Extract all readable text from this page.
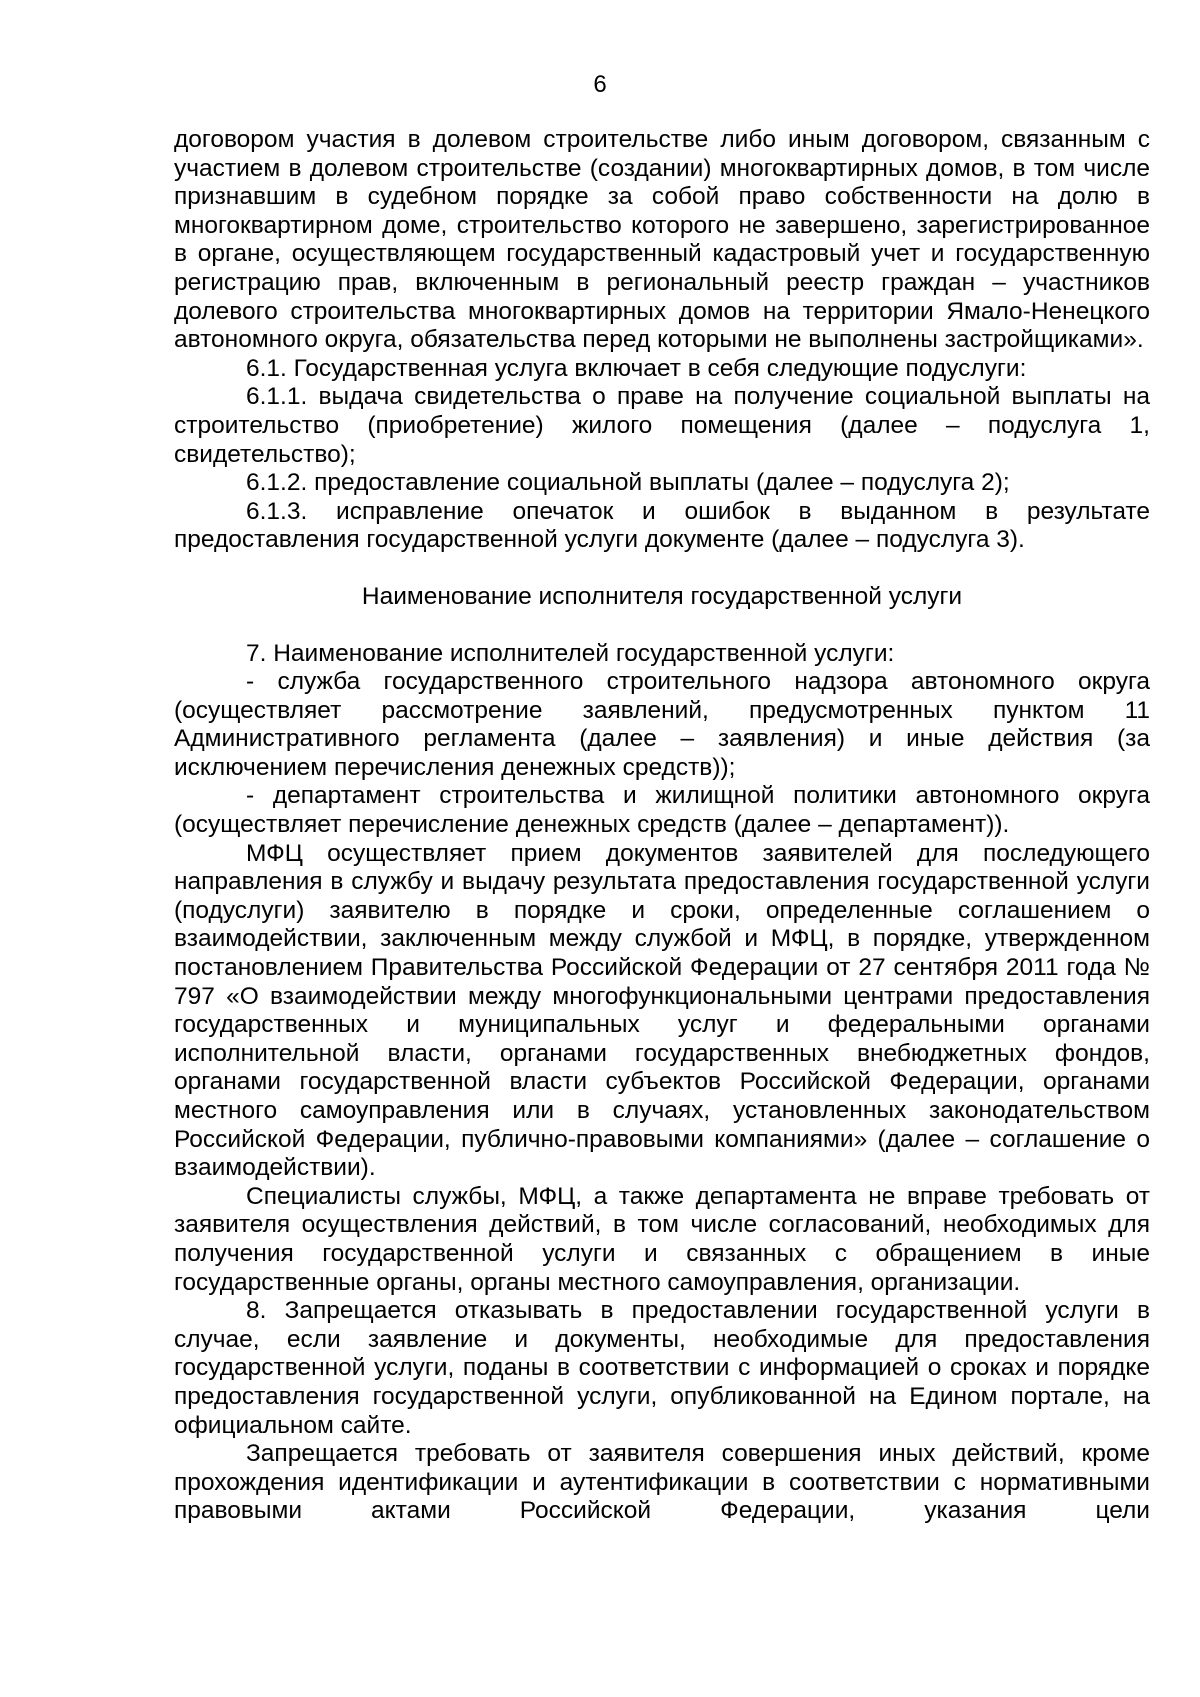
6

договором участия в долевом строительстве либо иным договором, связанным с участием в долевом строительстве (создании) многоквартирных домов, в том числе признавшим в судебном порядке за собой право собственности на долю в многоквартирном доме, строительство которого не завершено, зарегистрированное в органе, осуществляющем государственный кадастровый учет и государственную регистрацию прав, включенным в региональный реестр граждан – участников долевого строительства многоквартирных домов на территории Ямало-Ненецкого автономного округа, обязательства перед которыми не выполнены застройщиками».

6.1. Государственная услуга включает в себя следующие подуслуги:

6.1.1. выдача свидетельства о праве на получение социальной выплаты на строительство (приобретение) жилого помещения (далее – подуслуга 1, свидетельство);

6.1.2. предоставление социальной выплаты (далее – подуслуга 2);

6.1.3. исправление опечаток и ошибок в выданном в результате предоставления государственной услуги документе (далее – подуслуга 3).

Наименование исполнителя государственной услуги

7. Наименование исполнителей государственной услуги:

- служба государственного строительного надзора автономного округа (осуществляет рассмотрение заявлений, предусмотренных пунктом 11 Административного регламента (далее – заявления) и иные действия (за исключением перечисления денежных средств));

- департамент строительства и жилищной политики автономного округа (осуществляет перечисление денежных средств (далее – департамент)).

МФЦ осуществляет прием документов заявителей для последующего направления в службу и выдачу результата предоставления государственной услуги (подуслуги) заявителю в порядке и сроки, определенные соглашением о взаимодействии, заключенным между службой и МФЦ, в порядке, утвержденном постановлением Правительства Российской Федерации от 27 сентября 2011 года № 797 «О взаимодействии между многофункциональными центрами предоставления государственных и муниципальных услуг и федеральными органами исполнительной власти, органами государственных внебюджетных фондов, органами государственной власти субъектов Российской Федерации, органами местного самоуправления или в случаях, установленных законодательством Российской Федерации, публично-правовыми компаниями» (далее – соглашение о взаимодействии).

Специалисты службы, МФЦ, а также департамента не вправе требовать от заявителя осуществления действий, в том числе согласований, необходимых для получения государственной услуги и связанных с обращением в иные государственные органы, органы местного самоуправления, организации.

8. Запрещается отказывать в предоставлении государственной услуги в случае, если заявление и документы, необходимые для предоставления государственной услуги, поданы в соответствии с информацией о сроках и порядке предоставления государственной услуги, опубликованной на Едином портале, на официальном сайте.

Запрещается требовать от заявителя совершения иных действий, кроме прохождения идентификации и аутентификации в соответствии с нормативными правовыми актами Российской Федерации, указания цели
